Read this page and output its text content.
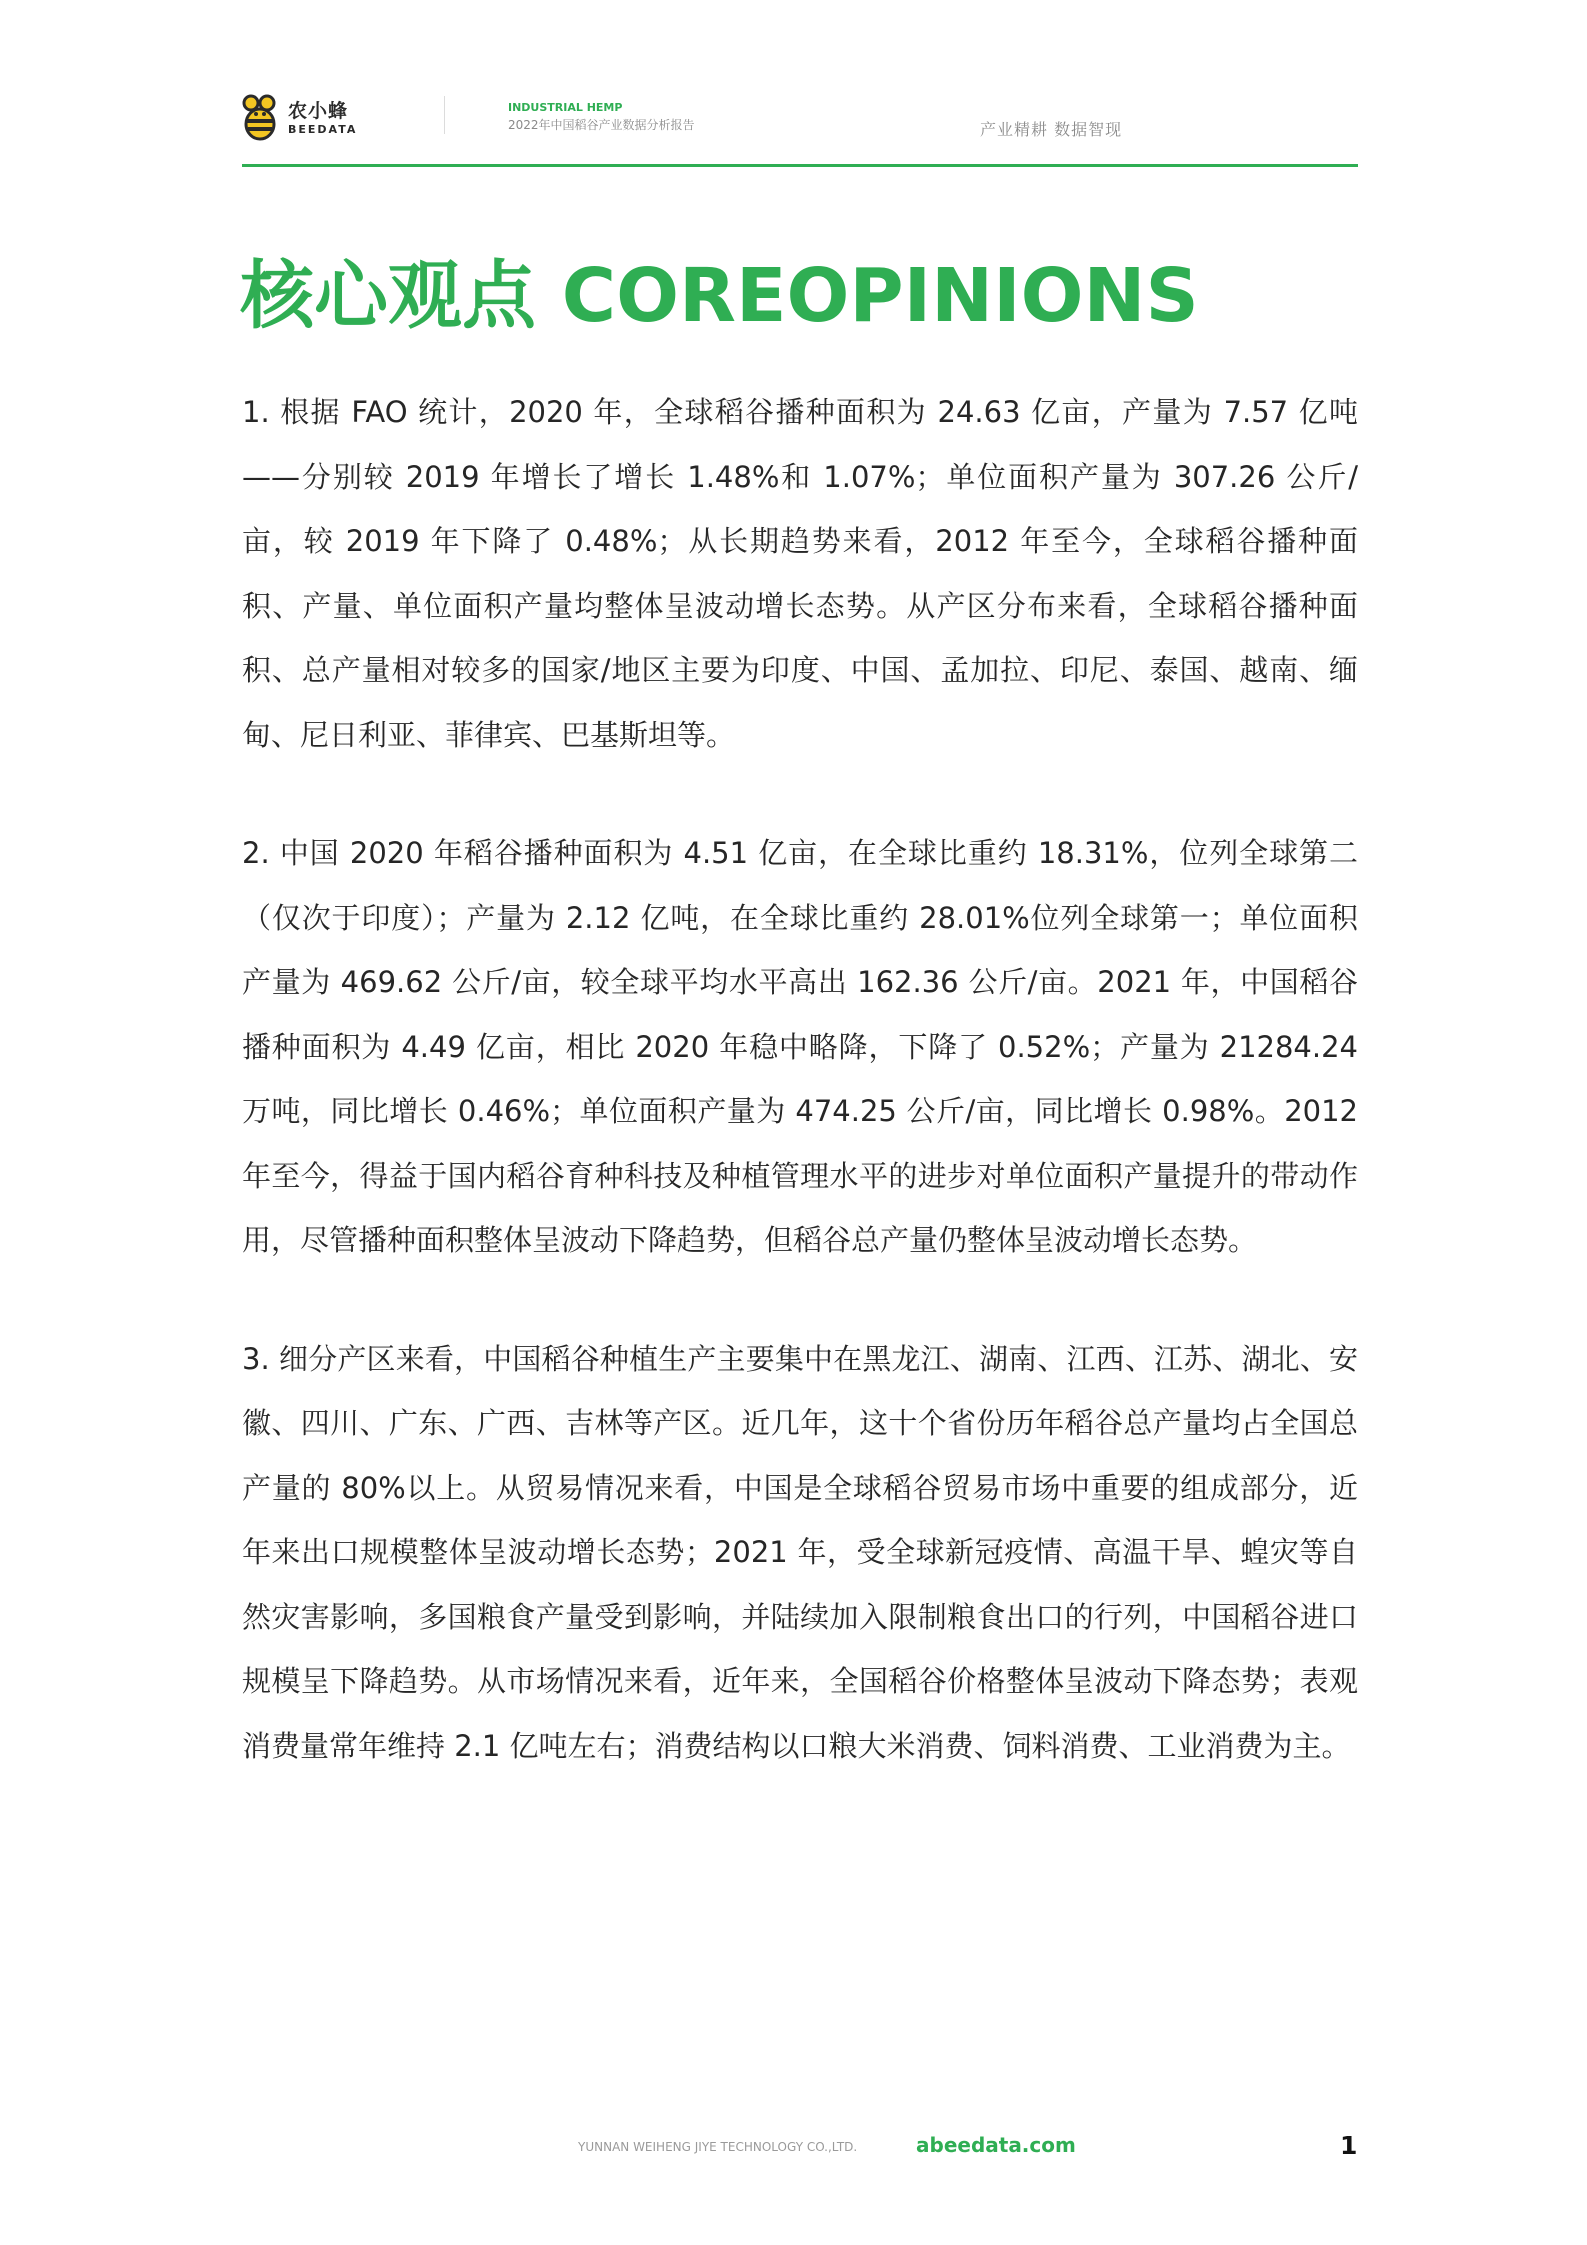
农小蜂
BEEDATA
INDUSTRIAL HEMP
2022年中国稻谷产业数据分析报告	产业精耕 数据智现
核心观点 COREOPINIONS

1. 根据 FAO 统计，2020 年，全球稻谷播种面积为 24.63 亿亩，产量为 7.57 亿吨——分别较 2019 年增长了增长 1.48%和 1.07%；单位面积产量为 307.26 公斤/亩，较 2019 年下降了 0.48%；从长期趋势来看，2012 年至今，全球稻谷播种面积、产量、单位面积产量均整体呈波动增长态势。从产区分布来看，全球稻谷播种面积、总产量相对较多的国家/地区主要为印度、中国、孟加拉、印尼、泰国、越南、缅甸、尼日利亚、菲律宾、巴基斯坦等。

2. 中国 2020 年稻谷播种面积为 4.51 亿亩，在全球比重约 18.31%，位列全球第二（仅次于印度）；产量为 2.12 亿吨，在全球比重约 28.01%位列全球第一；单位面积产量为 469.62 公斤/亩，较全球平均水平高出 162.36 公斤/亩。2021 年，中国稻谷播种面积为 4.49 亿亩，相比 2020 年稳中略降，下降了 0.52%；产量为 21284.24 万吨，同比增长 0.46%；单位面积产量为 474.25 公斤/亩，同比增长 0.98%。2012 年至今，得益于国内稻谷育种科技及种植管理水平的进步对单位面积产量提升的带动作用，尽管播种面积整体呈波动下降趋势，但稻谷总产量仍整体呈波动增长态势。

3. 细分产区来看，中国稻谷种植生产主要集中在黑龙江、湖南、江西、江苏、湖北、安徽、四川、广东、广西、吉林等产区。近几年，这十个省份历年稻谷总产量均占全国总产量的 80%以上。从贸易情况来看，中国是全球稻谷贸易市场中重要的组成部分，近年来出口规模整体呈波动增长态势；2021 年，受全球新冠疫情、高温干旱、蝗灾等自然灾害影响，多国粮食产量受到影响，并陆续加入限制粮食出口的行列，中国稻谷进口规模呈下降趋势。从市场情况来看，近年来，全国稻谷价格整体呈波动下降态势；表观消费量常年维持 2.1 亿吨左右；消费结构以口粮大米消费、饲料消费、工业消费为主。

YUNNAN WEIHENG JIYE TECHNOLOGY CO.,LTD.	abeedata.com	1
